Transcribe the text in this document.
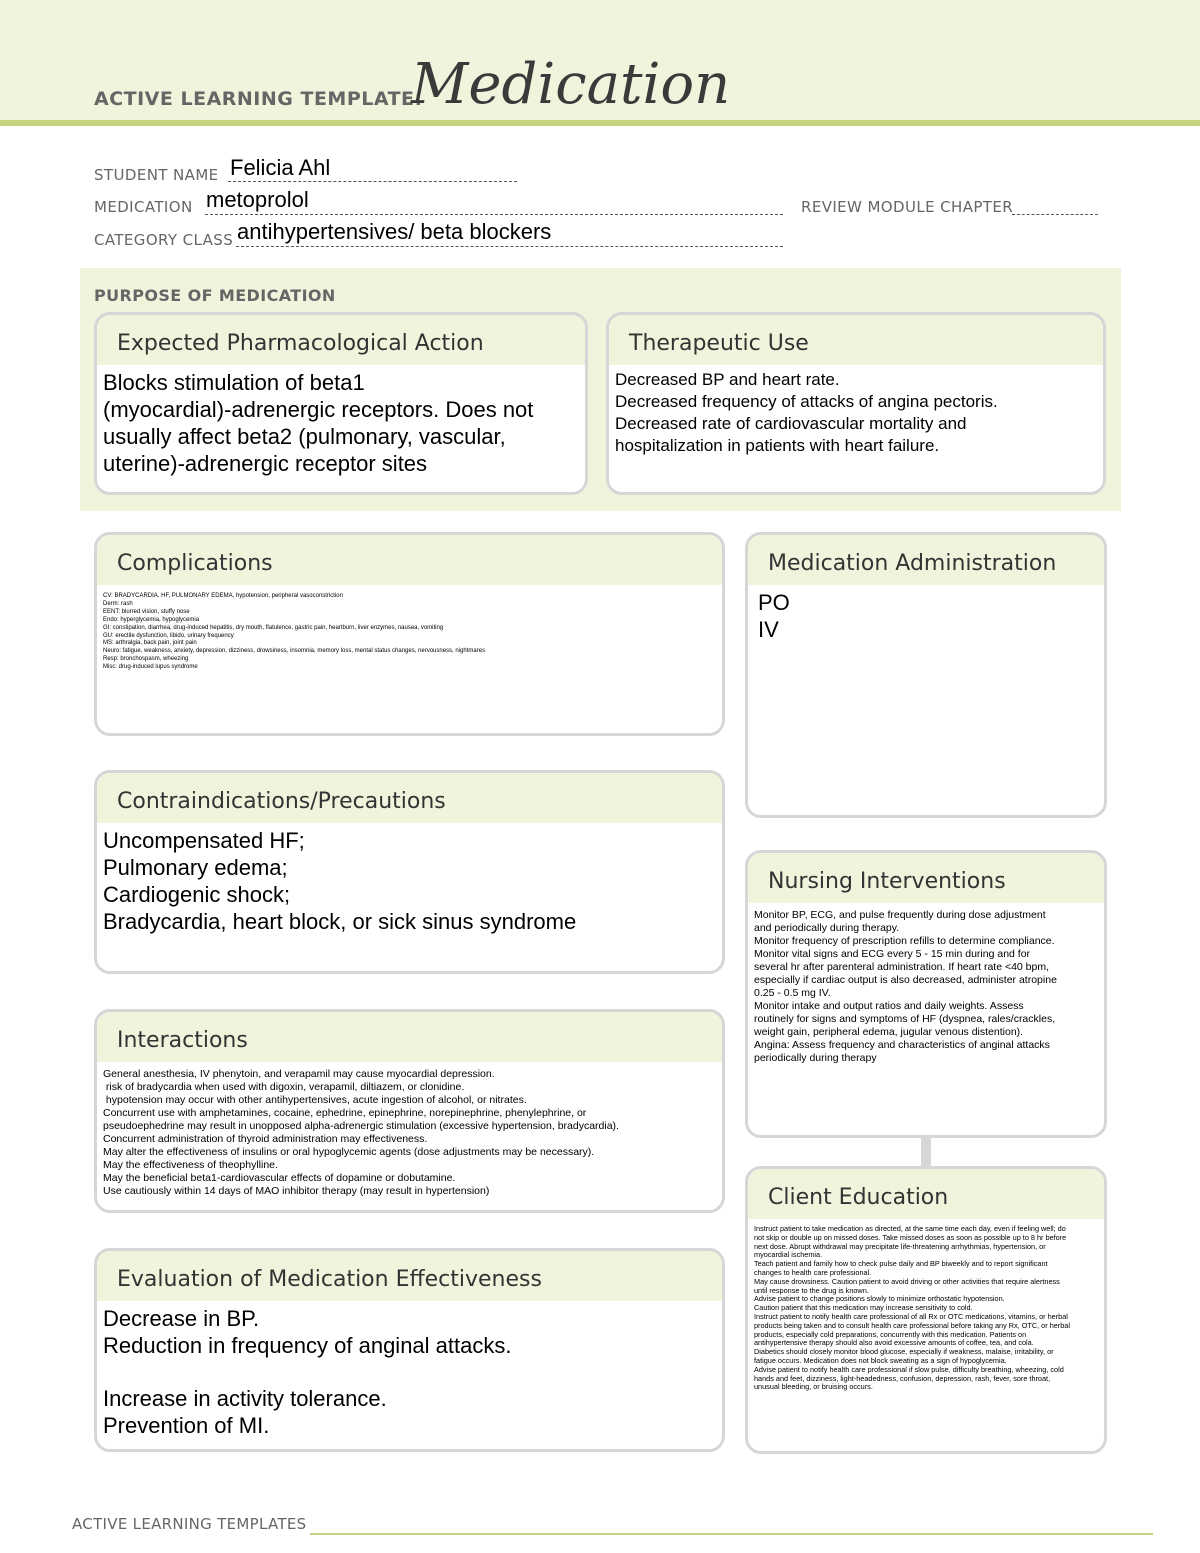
ACTIVE LEARNING TEMPLATE:
Medication
STUDENT NAME Felicia Ahl
MEDICATION metoprolol	REVIEW MODULE CHAPTER
CATEGORY CLASS antihypertensives/ beta blockers
PURPOSE OF MEDICATION
Expected Pharmacological Action
Blocks stimulation of beta1
(myocardial)-adrenergic receptors. Does not
usually affect beta2 (pulmonary, vascular,
uterine)-adrenergic receptor sites
Therapeutic Use
Decreased BP and heart rate.
Decreased frequency of attacks of angina pectoris.
Decreased rate of cardiovascular mortality and
hospitalization in patients with heart failure.
Complications
CV: BRADYCARDIA, HF, PULMONARY EDEMA, hypotension, peripheral vasoconstriction
Derm: rash
EENT: blurred vision, stuffy nose
Endo: hyperglycemia, hypoglycemia
GI: constipation, diarrhea, drug-induced hepatitis, dry mouth, flatulence, gastric pain, heartburn, liver enzymes, nausea, vomiting
GU: erectile dysfunction, libido, urinary frequency
MS: arthralgia, back pain, joint pain
Neuro: fatigue, weakness, anxiety, depression, dizziness, drowsiness, insomnia, memory loss, mental status changes, nervousness, nightmares
Resp: bronchospasm, wheezing
Misc: drug-induced lupus syndrome
Medication Administration
PO
IV
Contraindications/Precautions
Uncompensated HF;
Pulmonary edema;
Cardiogenic shock;
Bradycardia, heart block, or sick sinus syndrome
Nursing Interventions
Monitor BP, ECG, and pulse frequently during dose adjustment
and periodically during therapy.
Monitor frequency of prescription refills to determine compliance.
Monitor vital signs and ECG every 5 - 15 min during and for
several hr after parenteral administration. If heart rate <40 bpm,
especially if cardiac output is also decreased, administer atropine
0.25 - 0.5 mg IV.
Monitor intake and output ratios and daily weights. Assess
routinely for signs and symptoms of HF (dyspnea, rales/crackles,
weight gain, peripheral edema, jugular venous distention).
Angina: Assess frequency and characteristics of anginal attacks
periodically during therapy
Interactions
General anesthesia, IV phenytoin, and verapamil may cause myocardial depression.
risk of bradycardia when used with digoxin, verapamil, diltiazem, or clonidine.
hypotension may occur with other antihypertensives, acute ingestion of alcohol, or nitrates.
Concurrent use with amphetamines, cocaine, ephedrine, epinephrine, norepinephrine, phenylephrine, or
pseudoephedrine may result in unopposed alpha-adrenergic stimulation (excessive hypertension, bradycardia).
Concurrent administration of thyroid administration may effectiveness.
May alter the effectiveness of insulins or oral hypoglycemic agents (dose adjustments may be necessary).
May the effectiveness of theophylline.
May the beneficial beta1-cardiovascular effects of dopamine or dobutamine.
Use cautiously within 14 days of MAO inhibitor therapy (may result in hypertension)	Client Education
Instruct patient to take medication as directed, at the same time each day, even if feeling well; do
not skip or double up on missed doses. Take missed doses as soon as possible up to 8 hr before
next dose. Abrupt withdrawal may precipitate life-threatening arrhythmias, hypertension, or
myocardial ischemia.
Teach patient and family how to check pulse daily and BP biweekly and to report significant
changes to health care professional.
May cause drowsiness. Caution patient to avoid driving or other activities that require alertness
until response to the drug is known.
Advise patient to change positions slowly to minimize orthostatic hypotension.
Caution patient that this medication may increase sensitivity to cold.
Instruct patient to notify health care professional of all Rx or OTC medications, vitamins, or herbal
products being taken and to consult health care professional before taking any Rx, OTC, or herbal
products, especially cold preparations, concurrently with this medication. Patients on
antihypertensive therapy should also avoid excessive amounts of coffee, tea, and cola.
Diabetics should closely monitor blood glucose, especially if weakness, malaise, irritability, or
fatigue occurs. Medication does not block sweating as a sign of hypoglycemia.
Advise patient to notify health care professional if slow pulse, difficulty breathing, wheezing, cold
hands and feet, dizziness, light-headedness, confusion, depression, rash, fever, sore throat,
unusual bleeding, or bruising occurs.
Evaluation of Medication Effectiveness
Decrease in BP.
Reduction in frequency of anginal attacks.
Increase in activity tolerance.
Prevention of MI.
ACTIVE LEARNING TEMPLATES
